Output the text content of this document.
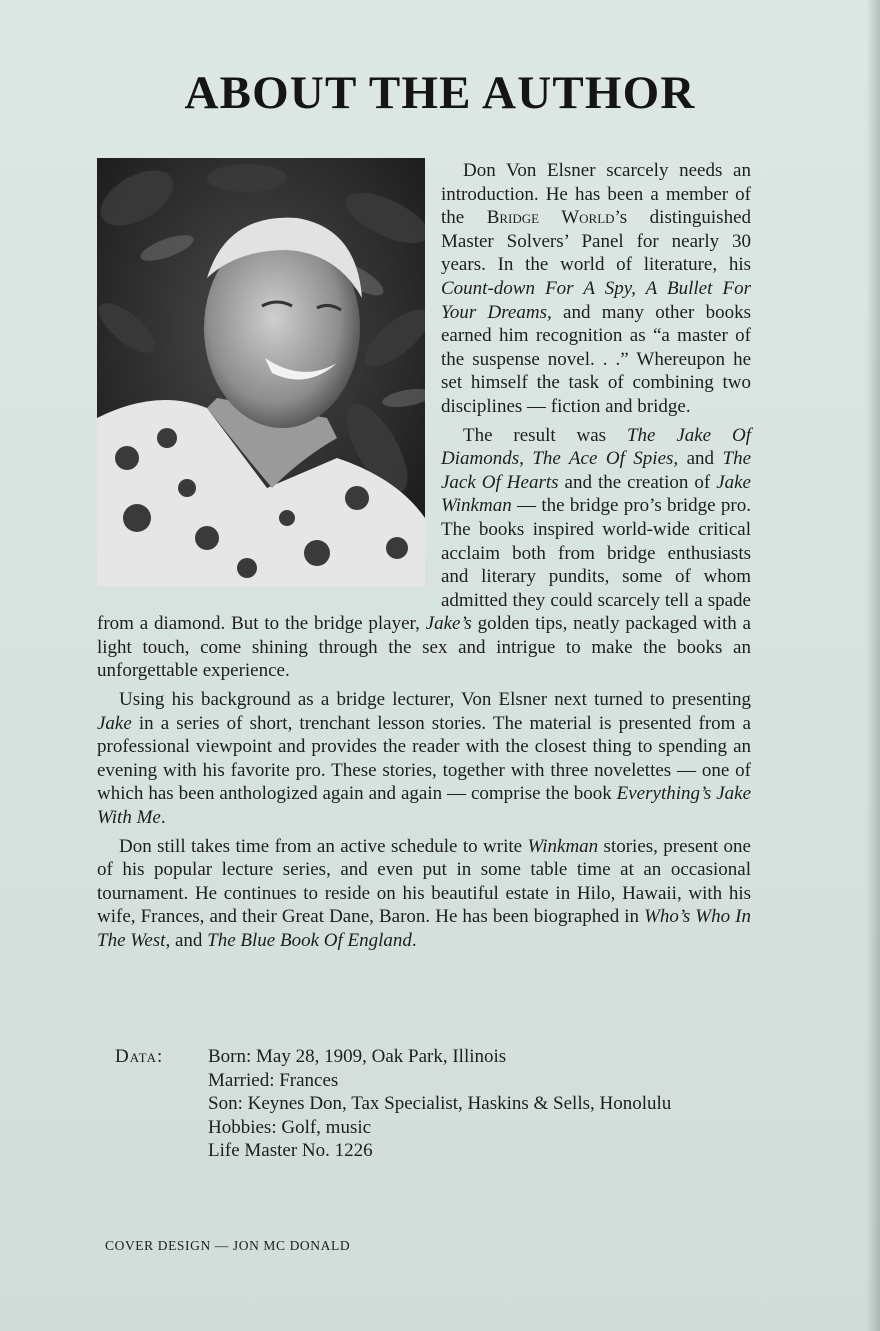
ABOUT THE AUTHOR

Don Von Elsner scarcely needs an introduction. He has been a member of the Bridge World’s distinguished Master Solvers’ Panel for nearly 30 years. In the world of literature, his Count-down For A Spy, A Bullet For Your Dreams, and many other books earned him recognition as “a master of the suspense novel. . .” Whereupon he set himself the task of combining two disciplines — fiction and bridge.

The result was The Jake Of Diamonds, The Ace Of Spies, and The Jack Of Hearts and the creation of Jake Winkman — the bridge pro’s bridge pro. The books inspired world-wide critical acclaim both from bridge enthusiasts and literary pundits, some of whom admitted they could scarcely tell a spade from a diamond. But to the bridge player, Jake’s golden tips, neatly packaged with a light touch, come shining through the sex and intrigue to make the books an unforgettable experience.

Using his background as a bridge lecturer, Von Elsner next turned to presenting Jake in a series of short, trenchant lesson stories. The material is presented from a professional viewpoint and provides the reader with the closest thing to spending an evening with his favorite pro. These stories, together with three novelettes — one of which has been anthologized again and again — comprise the book Everything’s Jake With Me.

Don still takes time from an active schedule to write Winkman stories, present one of his popular lecture series, and even put in some table time at an occasional tournament. He continues to reside on his beautiful estate in Hilo, Hawaii, with his wife, Frances, and their Great Dane, Baron. He has been biographed in Who’s Who In The West, and The Blue Book Of England.

Data: Born: May 28, 1909, Oak Park, Illinois
Married: Frances
Son: Keynes Don, Tax Specialist, Haskins & Sells, Honolulu
Hobbies: Golf, music
Life Master No. 1226
COVER DESIGN — JON MC DONALD
